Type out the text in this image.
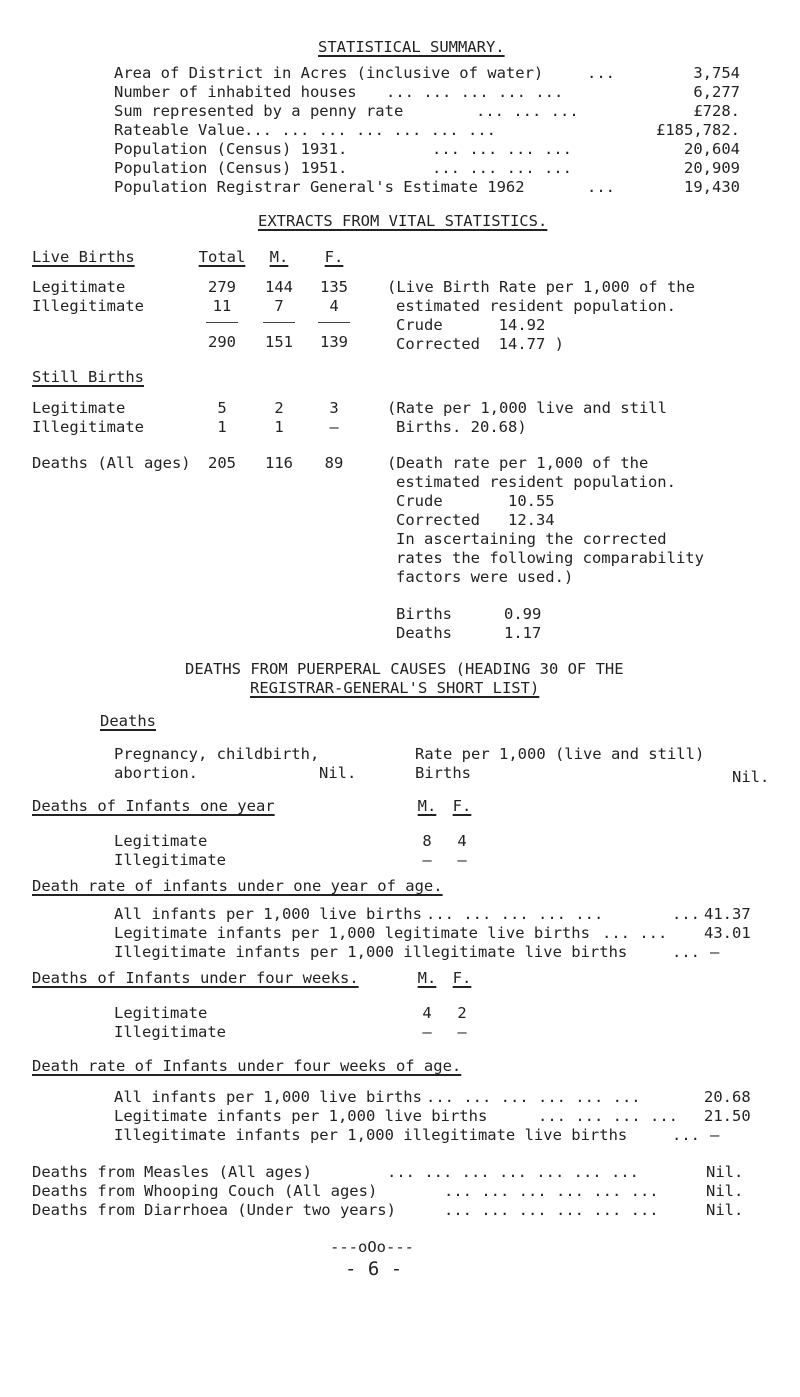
STATISTICAL SUMMARY.
Area of District in Acres (inclusive of water)	...	3,754
Number of inhabited houses ... ... ... ... ...	6,277
Sum represented by a penny rate	... ... ...	£728.
Rateable Value ... ... ... ... ... ... ...	£185,782.
Population (Census) 1931.	... ... ... ...	20,604
Population (Census) 1951.	... ... ... ...	20,909
Population Registrar General's Estimate 1962	...	19,430
EXTRACTS FROM VITAL STATISTICS.
Live Births	Total	M.	F.
Legitimate	279	144	135
Illegitimate	11	7	4
290	151	139
(Live Birth Rate per 1,000 of the
estimated resident population.
Crude      14.92
Corrected  14.77 )
Still Births
Legitimate	5	2	3
Illegitimate	1	1	–
(Rate per 1,000 live and still
Births. 20.68)
Deaths (All ages)	205	116	89	(Death rate per 1,000 of the
estimated resident population.
Crude       10.55
Corrected   12.34
In ascertaining the corrected
rates the following comparability
factors were used.)
Births	0.99
Deaths	1.17
DEATHS FROM PUERPERAL CAUSES (HEADING 30 OF THE
REGISTRAR-GENERAL'S SHORT LIST)
Deaths
Pregnancy, childbirth,
abortion.	Nil.
Rate per 1,000 (live and still)
Births	Nil.
Deaths of Infants one year	M.	F.
Legitimate	8	4
Illegitimate	–	–
Death rate of infants under one year of age.
All infants per 1,000 live births ... ... ... ... ...	... 41.37
Legitimate infants per 1,000 legitimate live births ... ... 43.01
Illegitimate infants per 1,000 illegitimate live births	... –
Deaths of Infants under four weeks.	M.	F.
Legitimate	4	2
Illegitimate	–	–
Death rate of Infants under four weeks of age.
All infants per 1,000 live births ... ... ... ... ... ...	20.68
Legitimate infants per 1,000 live births	... ... ... ... 21.50
Illegitimate infants per 1,000 illegitimate live births	... –
Deaths from Measles (All ages)	... ... ... ... ... ... ...	Nil.
Deaths from Whooping Couch (All ages)	... ... ... ... ... ...	Nil.
Deaths from Diarrhoea (Under two years)	... ... ... ... ... ...	Nil.
---oOo---
- 6 -
